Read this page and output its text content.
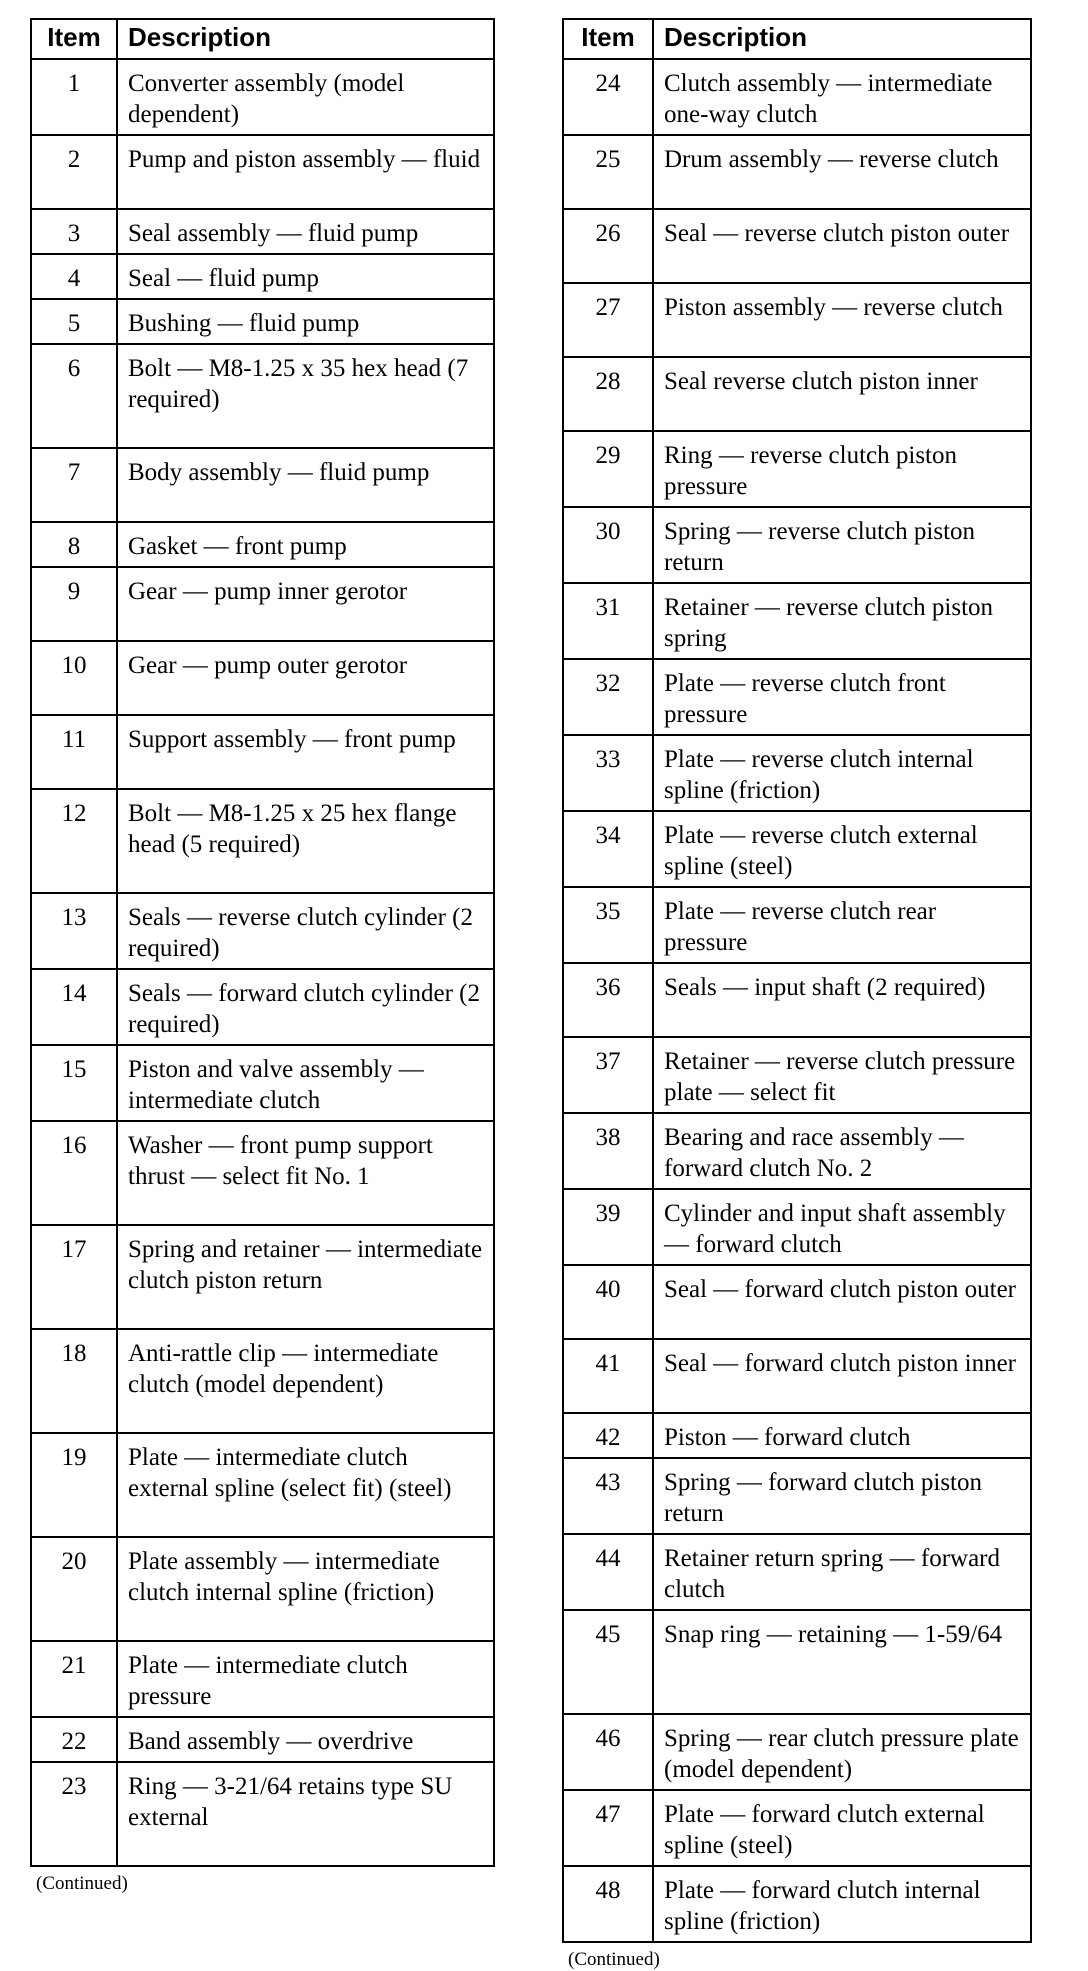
Item	Description
1	Converter assembly (model dependent)
2	Pump and piston assembly — fluid
3	Seal assembly — fluid pump
4	Seal — fluid pump
5	Bushing — fluid pump
6	Bolt — M8-1.25 x 35 hex head (7 required)
7	Body assembly — fluid pump
8	Gasket — front pump
9	Gear — pump inner gerotor
10	Gear — pump outer gerotor
11	Support assembly — front pump
12	Bolt — M8-1.25 x 25 hex flange head (5 required)
13	Seals — reverse clutch cylinder (2 required)
14	Seals — forward clutch cylinder (2 required)
15	Piston and valve assembly — intermediate clutch
16	Washer — front pump support thrust — select fit No. 1
17	Spring and retainer — intermediate clutch piston return
18	Anti-rattle clip — intermediate clutch (model dependent)
19	Plate — intermediate clutch external spline (select fit) (steel)
20	Plate assembly — intermediate clutch internal spline (friction)
21	Plate — intermediate clutch pressure
22	Band assembly — overdrive
23	Ring — 3-21/64 retains type SU external
(Continued)
Item	Description
24	Clutch assembly — intermediate one-way clutch
25	Drum assembly — reverse clutch
26	Seal — reverse clutch piston outer
27	Piston assembly — reverse clutch
28	Seal reverse clutch piston inner
29	Ring — reverse clutch piston pressure
30	Spring — reverse clutch piston return
31	Retainer — reverse clutch piston spring
32	Plate — reverse clutch front pressure
33	Plate — reverse clutch internal spline (friction)
34	Plate — reverse clutch external spline (steel)
35	Plate — reverse clutch rear pressure
36	Seals — input shaft (2 required)
37	Retainer — reverse clutch pressure plate — select fit
38	Bearing and race assembly — forward clutch No. 2
39	Cylinder and input shaft assembly — forward clutch
40	Seal — forward clutch piston outer
41	Seal — forward clutch piston inner
42	Piston — forward clutch
43	Spring — forward clutch piston return
44	Retainer return spring — forward clutch
45	Snap ring — retaining — 1-59/64
46	Spring — rear clutch pressure plate (model dependent)
47	Plate — forward clutch external spline (steel)
48	Plate — forward clutch internal spline (friction)
(Continued)
